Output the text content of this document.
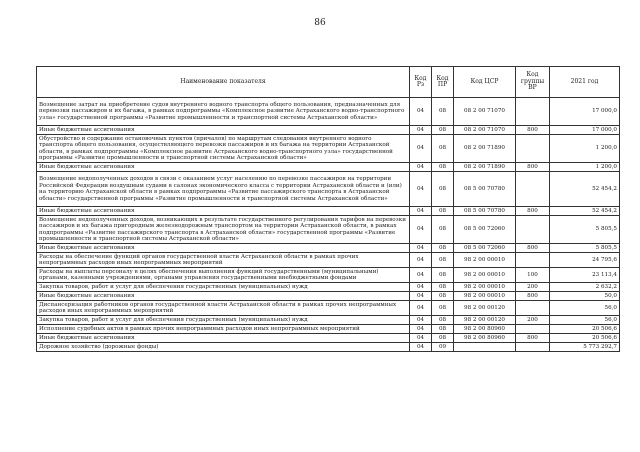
86
Наименование показателя	Код Рз	Код ПР	Код ЦСР	Код группы ВР	2021 год
Возмещение затрат на приобретение судов внутреннего водного транспорта общего пользования, предназначенных для перевозки пассажиров и их багажа, в рамках подпрограммы «Комплексное развитие Астраханского водно-транспортного узла» государственной программы «Развитие промышленности и транспортной системы Астраханской области»	04	08	08 2 00 71070		17 000,0
Иные бюджетные ассигнования	04	08	08 2 00 71070	800	17 000,0
Обустройство и содержание остановочных пунктов (причалов) по маршрутам следования внутреннего водного транспорта общего пользования, осуществляющего перевозки пассажиров и их багажа на территории Астраханской области, в рамках подпрограммы «Комплексное развитие Астраханского водно-транспортного узла» государственной программы «Развитие промышленности и транспортной системы Астраханской области»	04	08	08 2 00 71890		1 200,0
Иные бюджетные ассигнования	04	08	08 2 00 71890	800	1 200,0
Возмещение недополученных доходов в связи с оказанием услуг населению по перевозке пассажиров на территории Российской Федерации воздушным судами в салонах экономического класса с территории Астраханской области и (или) на территорию Астраханской области в рамках подпрограммы «Развитие пассажирского транспорта в Астраханской области» государственной программы «Развитие промышленности и транспортной системы Астраханской области»	04	08	08 5 00 70780		52 454,2
Иные бюджетные ассигнования	04	08	08 5 00 70780	800	52 454,2
Возмещение недополученных доходов, возникающих в результате государственного регулирования тарифов на перевозки пассажиров и их багажа пригородным железнодорожным транспортом на территории Астраханской области, в рамках подпрограммы «Развитие пассажирского транспорта в Астраханской области» государственной программы «Развитие промышленности и транспортной системы Астраханской области»	04	08	08 5 00 72060		5 805,5
Иные бюджетные ассигнования	04	08	08 5 00 72060	800	5 805,5
Расходы на обеспечение функций органов государственной власти Астраханской области в рамках прочих непрограммных расходов иных непрограммных мероприятий	04	08	98 2 00 00010		24 795,6
Расходы на выплаты персоналу в целях обеспечения выполнения функций государственными (муниципальными) органами, казенными учреждениями, органами управления государственными внебюджетными фондами	04	08	98 2 00 00010	100	23 113,4
Закупка товаров, работ и услуг для обеспечения государственных (муниципальных) нужд	04	08	98 2 00 00010	200	2 632,2
Иные бюджетные ассигнования	04	08	98 2 00 00010	800	50,0
Диспансеризация работников органов государственной власти Астраханской области в рамках прочих непрограммных расходов иных непрограммных мероприятий	04	08	98 2 00 00120		56,0
Закупка товаров, работ и услуг для обеспечения государственных (муниципальных) нужд	04	08	98 2 00 00120	200	56,0
Исполнение судебных актов в рамках прочих непрограммных расходов иных непрограммных мероприятий	04	08	98 2 00 80960		20 506,6
Иные бюджетные ассигнования	04	08	98 2 00 80960	800	20 506,6
Дорожное хозяйство (дорожные фонды)	04	09			5 773 292,7
